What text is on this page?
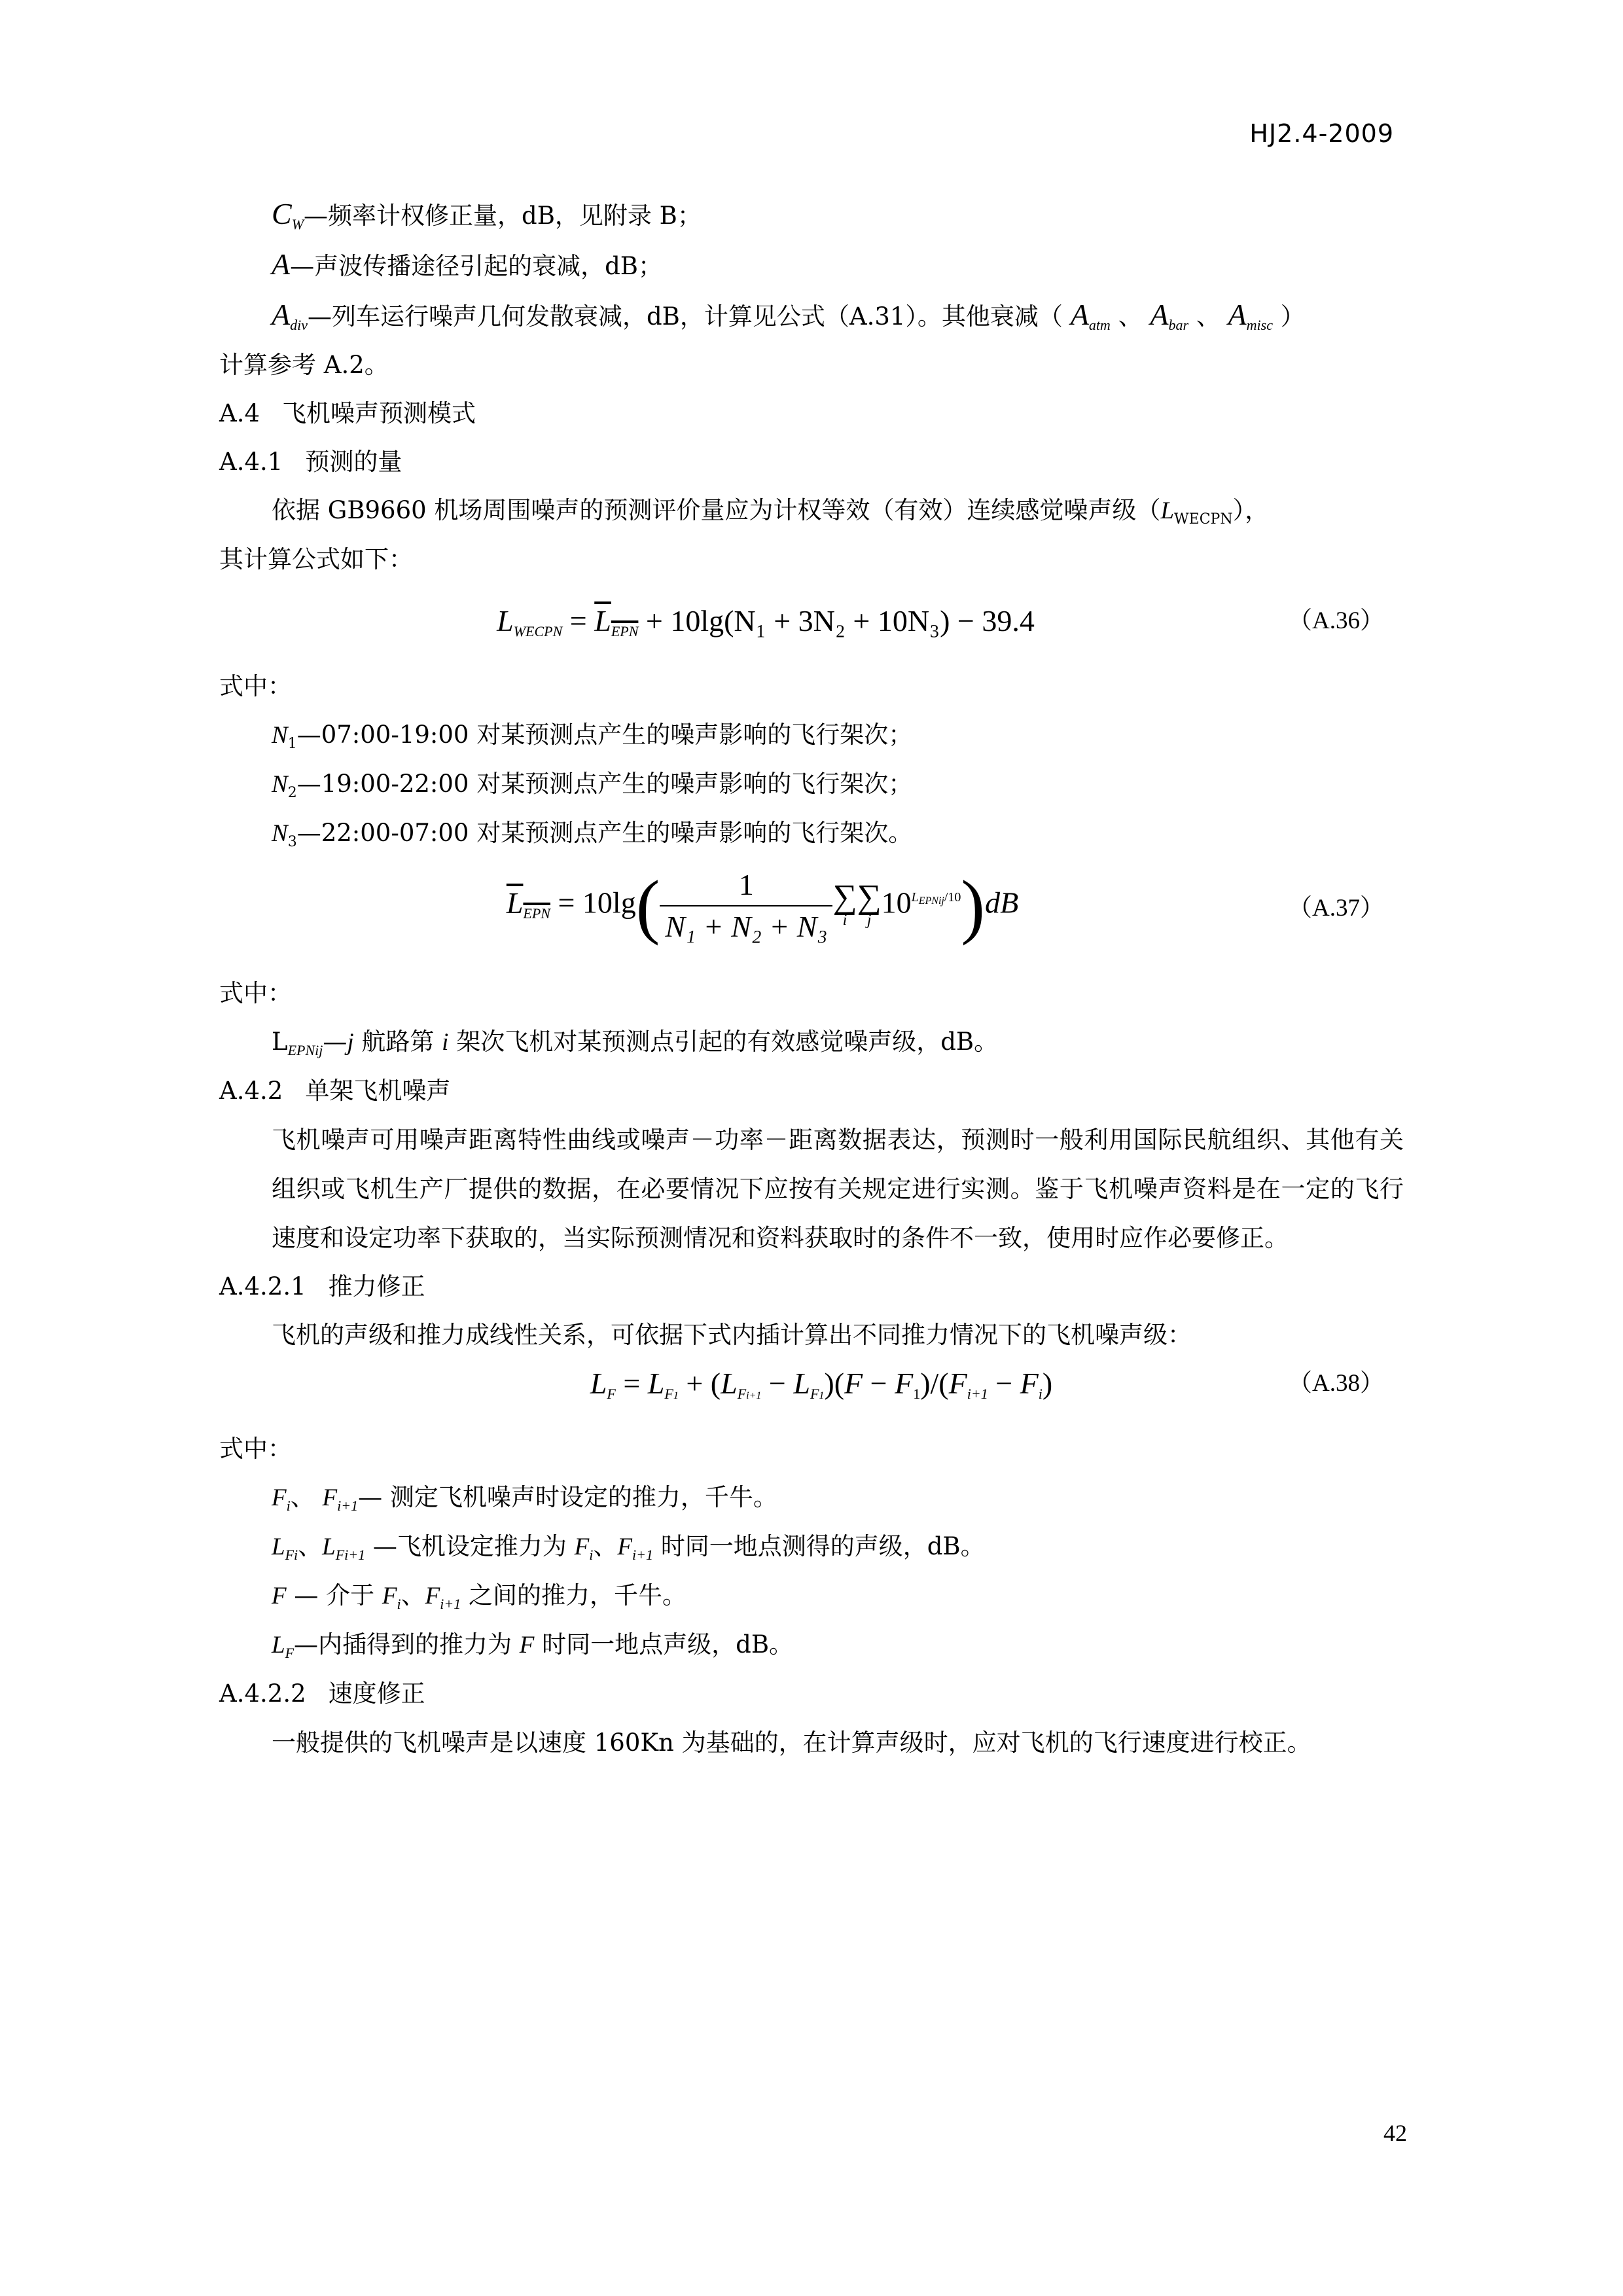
HJ2.4-2009

$C_W—$频率计权修正量，dB，见附录 B；

A—声波传播途径引起的衰减，dB；

$A_{div}—$列车运行噪声几何发散衰减，dB，计算见公式（A.31）。其他衰减（ $A_{atm}$ 、 $A_{bar}$ 、 $A_{misc}$ ）

计算参考 A.2。

A.4 飞机噪声预测模式

A.4.1 预测的量

依据 GB9660 机场周围噪声的预测评价量应为计权等效（有效）连续感觉噪声级$(L_{WECPN})$，

其计算公式如下：

$L_{WECPN} = L_{EPN} + 10\lg(N_1 + 3N_2 + 10N_3) - 39.4$	（A.36）

式中：

$N_1—07:00-19:00$ 对某预测点产生的噪声影响的飞行架次；

$N_2—19:00-22:00$ 对某预测点产生的噪声影响的飞行架次；

$N_3—22:00-07:00$ 对某预测点产生的噪声影响的飞行架次。

$L_{EPN} = 10\lg( \frac{1}{\text{N₁ + N₂ + N₃}}$ ∑
i
∑
j
$10^{L_{EPNij}/10})dB$	（A.37）

式中：

$L_{EPNij}—j$ 航路第 i 架次飞机对某预测点引起的有效感觉噪声级，dB。

A.4.2 单架飞机噪声

飞机噪声可用噪声距离特性曲线或噪声－功率－距离数据表达，预测时一般利用国际民航组织、其他有关组织或飞机生产厂提供的数据，在必要情况下应按有关规定进行实测。鉴于飞机噪声资料是在一定的飞行速度和设定功率下获取的，当实际预测情况和资料获取时的条件不一致，使用时应作必要修正。

A.4.2.1 推力修正

飞机的声级和推力成线性关系，可依据下式内插计算出不同推力情况下的飞机噪声级：

$L_F = L_{F1} + (L_{Fi+1} - L_{F1})(F - F_1)/(F_{i+1} - F_i)$	（A.38）

式中：

$F_i$、 $F_{i+1}—$ 测定飞机噪声时设定的推力，千牛。

$L_{Fi}$、$L_{Fi+1}$ —飞机设定推力为 $F_i$、$F_{i+1}$ 时同一地点测得的声级，dB。

F — 介于 $F_i$、$F_{i+1}$ 之间的推力，千牛。

$L_F—$内插得到的推力为 F 时同一地点声级，dB。

A.4.2.2 速度修正

一般提供的飞机噪声是以速度 160Kn 为基础的，在计算声级时，应对飞机的飞行速度进行校正。

42
